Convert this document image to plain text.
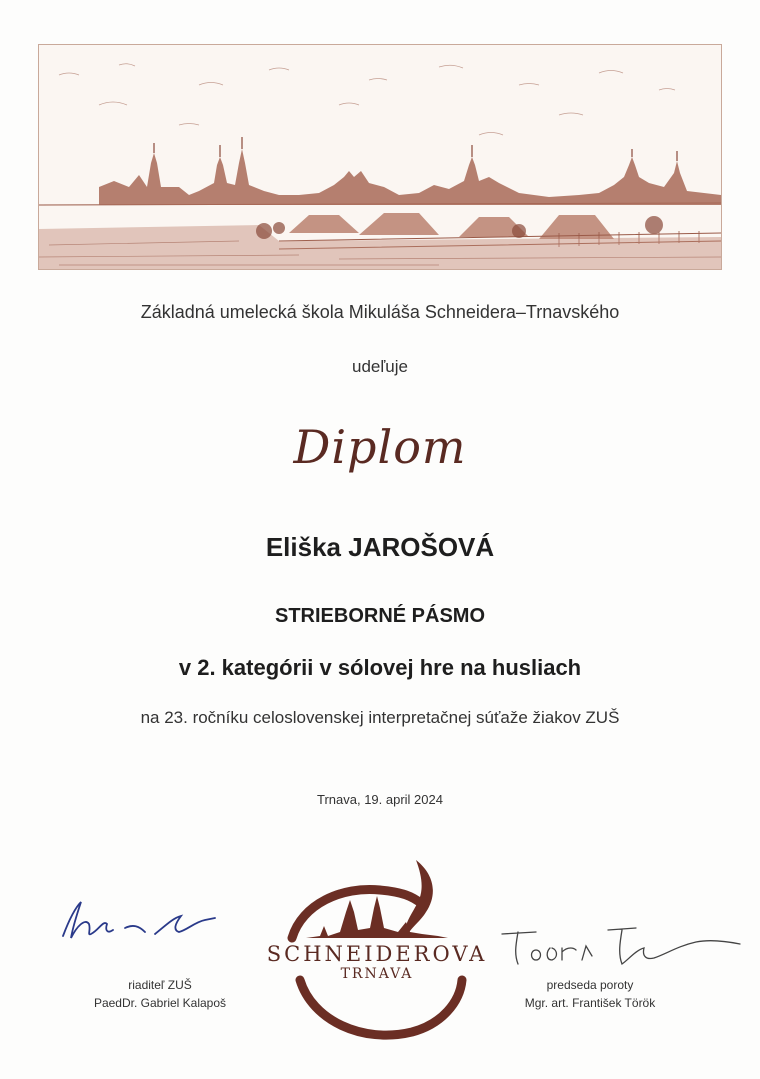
Základná umelecká škola Mikuláša Schneidera–Trnavského
udeľuje
Diplom
Eliška JAROŠOVÁ
STRIEBORNÉ PÁSMO
v 2. kategórii v sólovej hre na husliach
na 23. ročníku celoslovenskej interpretačnej súťaže žiakov ZUŠ
Trnava, 19. april 2024
riaditeľ ZUŠ
PaedDr. Gabriel Kalapoš
predseda poroty
Mgr. art. František Török
SCHNEIDEROVA
TRNAVA
